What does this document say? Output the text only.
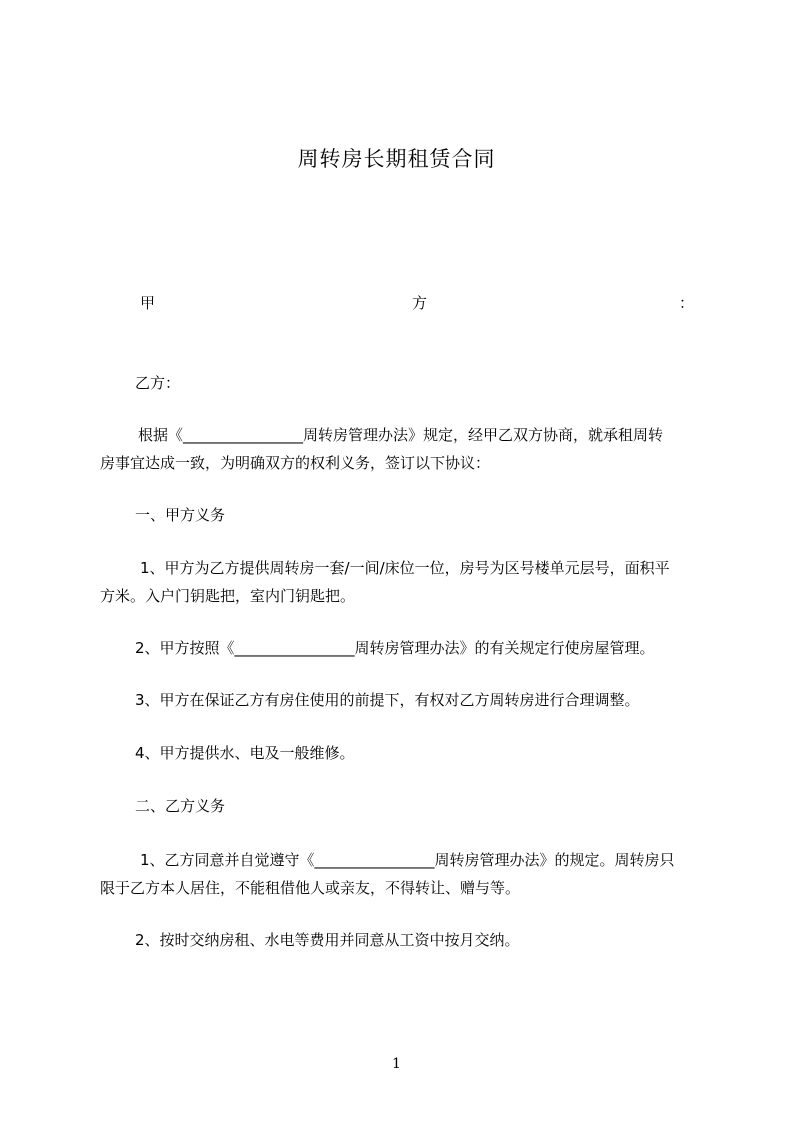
周转房长期租赁合同
甲	方	：

乙方：

根据《________________周转房管理办法》规定，经甲乙双方协商，就承租周转
房事宜达成一致，为明确双方的权利义务，签订以下协议：

一、甲方义务

1、甲方为乙方提供周转房一套/一间/床位一位，房号为区号楼单元层号，面积平
方米。入户门钥匙把，室内门钥匙把。

2、甲方按照《________________周转房管理办法》的有关规定行使房屋管理。

3、甲方在保证乙方有房住使用的前提下，有权对乙方周转房进行合理调整。

4、甲方提供水、电及一般维修。

二、乙方义务

1、乙方同意并自觉遵守《________________周转房管理办法》的规定。周转房只
限于乙方本人居住，不能租借他人或亲友，不得转让、赠与等。

2、按时交纳房租、水电等费用并同意从工资中按月交纳。

1
